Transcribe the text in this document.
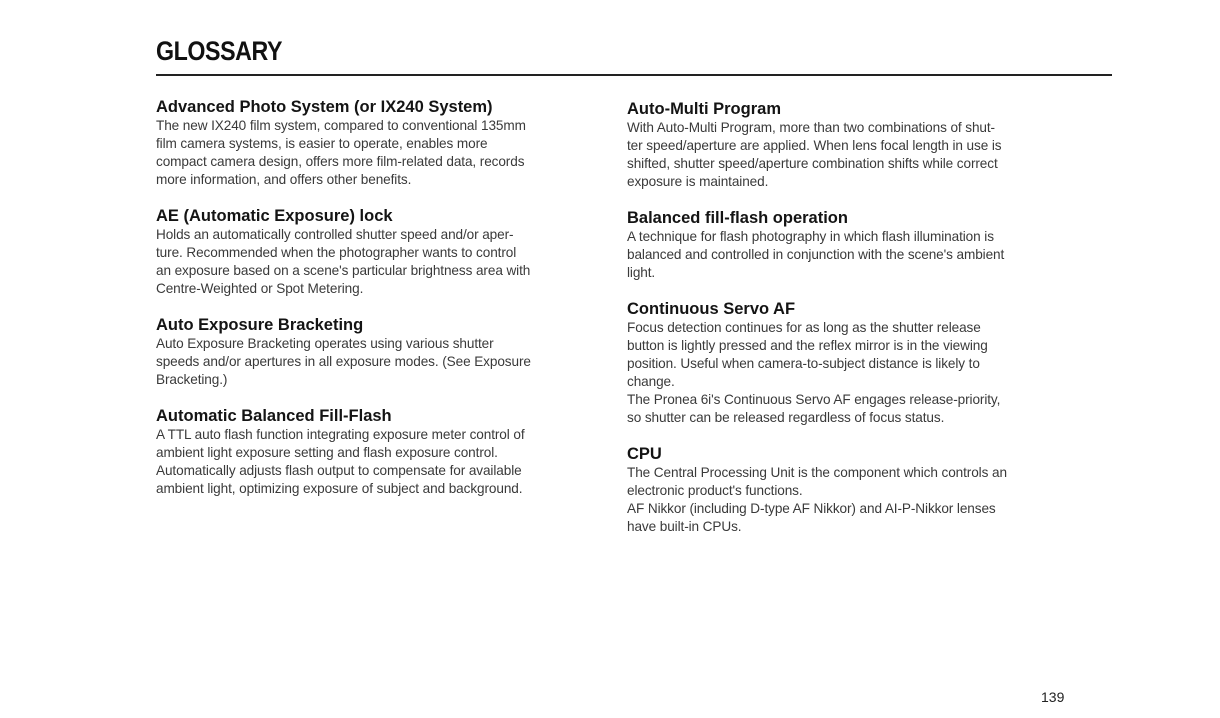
GLOSSARY

Advanced Photo System (or IX240 System)

The new IX240 film system, compared to conventional 135mm

film camera systems, is easier to operate, enables more

compact camera design, offers more film-related data, records

more information, and offers other benefits.

AE (Automatic Exposure) lock

Holds an automatically controlled shutter speed and/or aper-

ture. Recommended when the photographer wants to control

an exposure based on a scene's particular brightness area with

Centre-Weighted or Spot Metering.

Auto Exposure Bracketing

Auto Exposure Bracketing operates using various shutter

speeds and/or apertures in all exposure modes. (See Exposure

Bracketing.)

Automatic Balanced Fill-Flash

A TTL auto flash function integrating exposure meter control of

ambient light exposure setting and flash exposure control.

Automatically adjusts flash output to compensate for available

ambient light, optimizing exposure of subject and background.

Auto-Multi Program

With Auto-Multi Program, more than two combinations of shut-

ter speed/aperture are applied. When lens focal length in use is

shifted, shutter speed/aperture combination shifts while correct

exposure is maintained.

Balanced fill-flash operation

A technique for flash photography in which flash illumination is

balanced and controlled in conjunction with the scene's ambient

light.

Continuous Servo AF

Focus detection continues for as long as the shutter release

button is lightly pressed and the reflex mirror is in the viewing

position. Useful when camera-to-subject distance is likely to

change.

The Pronea 6i's Continuous Servo AF engages release-priority,

so shutter can be released regardless of focus status.

CPU

The Central Processing Unit is the component which controls an

electronic product's functions.

AF Nikkor (including D-type AF Nikkor) and AI-P-Nikkor lenses

have built-in CPUs.

139
